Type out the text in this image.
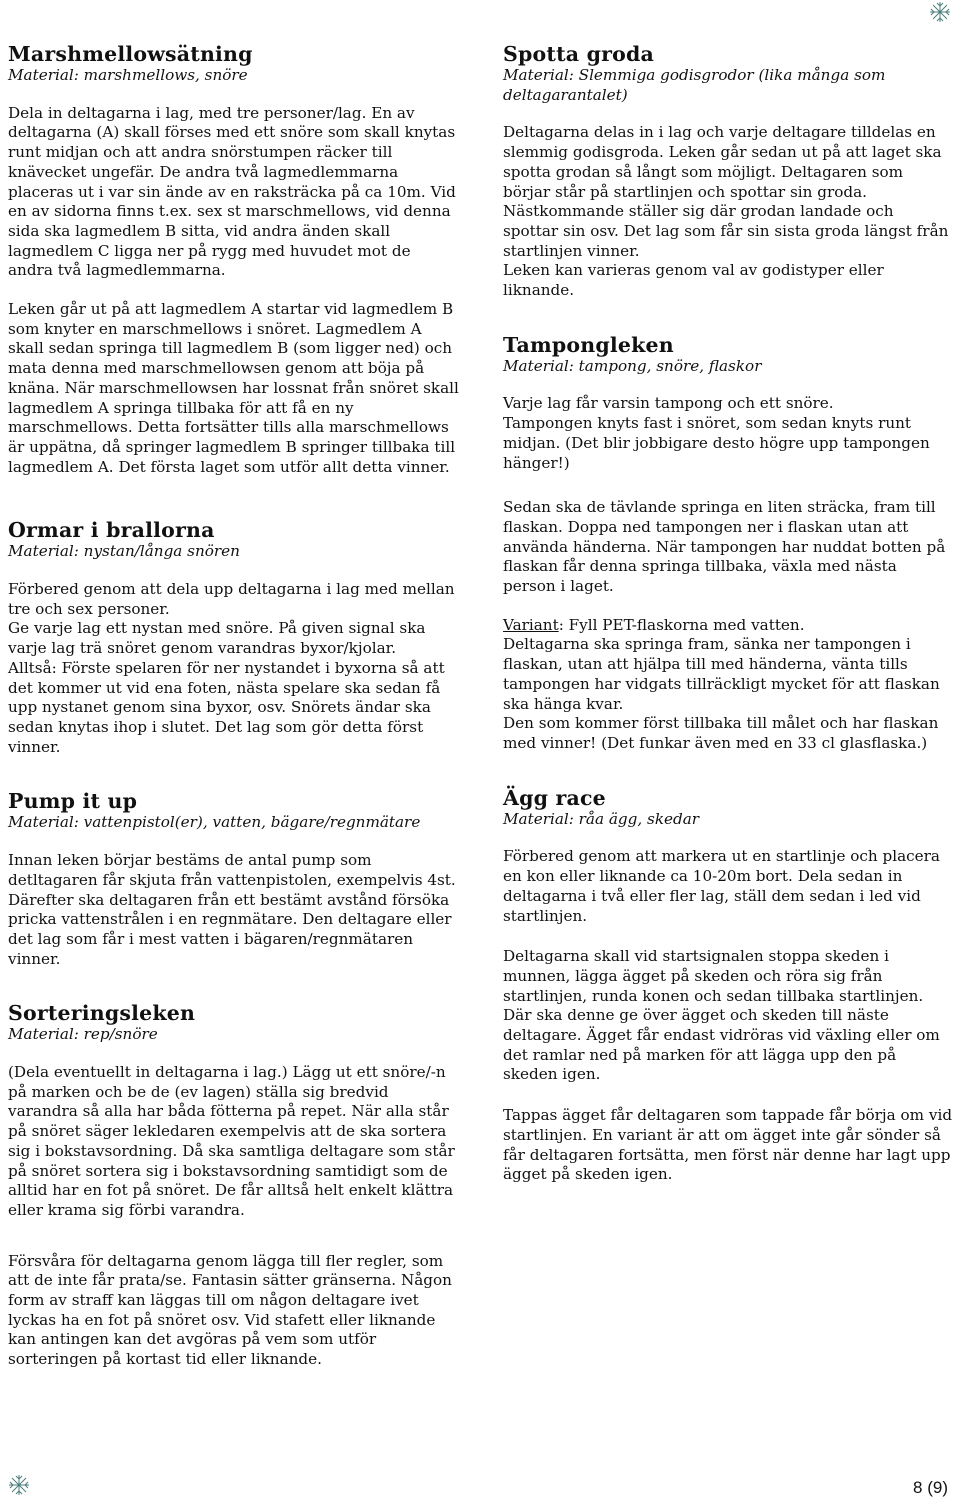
Marshmellowsätning

Material: marshmellows, snöre

Dela in deltagarna i lag, med tre personer/lag. En av deltagarna (A) skall förses med ett snöre som skall knytas runt midjan och att andra snörstumpen räcker till knävecket ungefär. De andra två lagmedlemmarna placeras ut i var sin ände av en raksträcka på ca 10m. Vid en av sidorna finns t.ex. sex st marschmellows, vid denna sida ska lagmedlem B sitta, vid andra änden skall lagmedlem C ligga ner på rygg med huvudet mot de andra två lagmedlemmarna.

Leken går ut på att lagmedlem A startar vid lagmedlem B som knyter en marschmellows i snöret. Lagmedlem A skall sedan springa till lagmedlem B (som ligger ned) och mata denna med marschmellowsen genom att böja på knäna. När marschmellowsen har lossnat från snöret skall lagmedlem A springa tillbaka för att få en ny marschmellows. Detta fortsätter tills alla marschmellows är uppätna, då springer lagmedlem B springer tillbaka till lagmedlem A. Det första laget som utför allt detta vinner.

Ormar i brallorna

Material: nystan/långa snören

Förbered genom att dela upp deltagarna i lag med mellan tre och sex personer.

Ge varje lag ett nystan med snöre. På given signal ska varje lag trä snöret genom varandras byxor/kjolar.

Alltså: Förste spelaren för ner nystandet i byxorna så att det kommer ut vid ena foten, nästa spelare ska sedan få upp nystanet genom sina byxor, osv. Snörets ändar ska sedan knytas ihop i slutet. Det lag som gör detta först vinner.

Pump it up

Material: vattenpistol(er), vatten, bägare/regnmätare

Innan leken börjar bestäms de antal pump som detltagaren får skjuta från vattenpistolen, exempelvis 4st. Därefter ska deltagaren från ett bestämt avstånd försöka pricka vattenstrålen i en regnmätare. Den deltagare eller det lag som får i mest vatten i bägaren/regnmätaren vinner.

Sorteringsleken

Material: rep/snöre

(Dela eventuellt in deltagarna i lag.) Lägg ut ett snöre/-n på marken och be de (ev lagen) ställa sig bredvid varandra så alla har båda fötterna på repet. När alla står på snöret säger lekledaren exempelvis att de ska sortera sig i bokstavsordning. Då ska samtliga deltagare som står på snöret sortera sig i bokstavsordning samtidigt som de alltid har en fot på snöret. De får alltså helt enkelt klättra eller krama sig förbi varandra.

Försvåra för deltagarna genom lägga till fler regler, som att de inte får prata/se. Fantasin sätter gränserna. Någon form av straff kan läggas till om någon deltagare ivet lyckas ha en fot på snöret osv. Vid stafett eller liknande kan antingen kan det avgöras på vem som utför sorteringen på kortast tid eller liknande.

Spotta groda

Material: Slemmiga godisgrodor (lika många som deltagarantalet)

Deltagarna delas in i lag och varje deltagare tilldelas en slemmig godisgroda. Leken går sedan ut på att laget ska spotta grodan så långt som möjligt. Deltagaren som börjar står på startlinjen och spottar sin groda. Nästkommande ställer sig där grodan landade och spottar sin osv. Det lag som får sin sista groda längst från startlinjen vinner.

Leken kan varieras genom val av godistyper eller liknande.

Tampongleken

Material: tampong, snöre, flaskor

Varje lag får varsin tampong och ett snöre.

Tampongen knyts fast i snöret, som sedan knyts runt midjan. (Det blir jobbigare desto högre upp tampongen hänger!)

Sedan ska de tävlande springa en liten sträcka, fram till flaskan. Doppa ned tampongen ner i flaskan utan att använda händerna. När tampongen har nuddat botten på flaskan får denna springa tillbaka, växla med nästa person i laget.

Variant: Fyll PET-flaskorna med vatten.

Deltagarna ska springa fram, sänka ner tampongen i flaskan, utan att hjälpa till med händerna, vänta tills tampongen har vidgats tillräckligt mycket för att flaskan ska hänga kvar.

Den som kommer först tillbaka till målet och har flaskan med vinner! (Det funkar även med en 33 cl glasflaska.)

Ägg race

Material: råa ägg, skedar

Förbered genom att markera ut en startlinje och placera en kon eller liknande ca 10-20m bort. Dela sedan in deltagarna i två eller fler lag, ställ dem sedan i led vid startlinjen.

Deltagarna skall vid startsignalen stoppa skeden i munnen, lägga ägget på skeden och röra sig från startlinjen, runda konen och sedan tillbaka startlinjen. Där ska denne ge över ägget och skeden till näste deltagare. Ägget får endast vidröras vid växling eller om det ramlar ned på marken för att lägga upp den på skeden igen.

Tappas ägget får deltagaren som tappade får börja om vid startlinjen. En variant är att om ägget inte går sönder så får deltagaren fortsätta, men först när denne har lagt upp ägget på skeden igen.

8 (9)
